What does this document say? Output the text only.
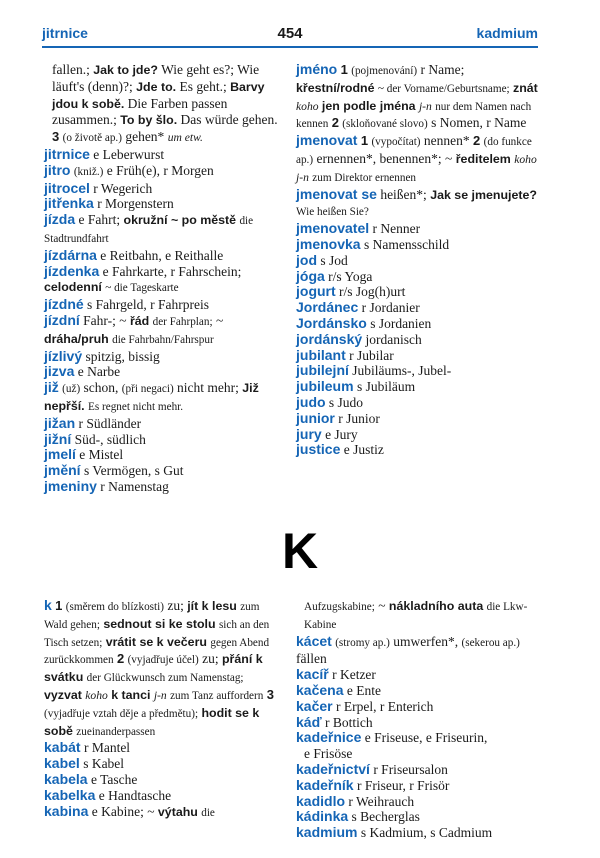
454
jitrnice	kadmium
fallen.; Jak to jde? Wie geht es?; Wie läuft's (denn)?; Jde to. Es geht.; Barvy jdou k sobě. Die Farben passen zusammen.; To by šlo. Das würde gehen. 3 (o životě ap.) gehen* um etw.
jitrnice e Leberwurst
jitro (kniž.) e Früh(e), r Morgen
jitrocel r Wegerich
jitřenka r Morgenstern
jízda e Fahrt; okružní ~ po městě die Stadtrundfahrt
jízdárna e Reitbahn, e Reithalle
jízdenka e Fahrkarte, r Fahrschein; celodenní ~ die Tageskarte
jízdné s Fahrgeld, r Fahrpreis
jízdní Fahr-; ~ řád der Fahrplan; ~ dráha/pruh die Fahrbahn/Fahrspur
jízlivý spitzig, bissig
jizva e Narbe
již (už) schon, (při negaci) nicht mehr; Již nepřší. Es regnet nicht mehr.
jižan r Südländer
jižní Süd-, südlich
jmelí e Mistel
jmění s Vermögen, s Gut
jmeniny r Namenstag
jméno 1 (pojmenování) r Name; křestní/rodné ~ der Vorname/Geburtsname; znát koho jen podle jména j-n nur dem Namen nach kennen 2 (skloňované slovo) s Nomen, r Name
jmenovat 1 (vypočítat) nennen* 2 (do funkce ap.) ernennen*, benennen*; ~ ředitelem koho j-n zum Direktor ernennen
jmenovat se heißen*; Jak se jmenujete? Wie heißen Sie?
jmenovatel r Nenner
jmenovka s Namensschild
jod s Jod
jóga r/s Yoga
jogurt r/s Jog(h)urt
Jordánec r Jordanier
Jordánsko s Jordanien
jordánský jordanisch
jubilant r Jubilar
jubilejní Jubiläums-, Jubel-
jubileum s Jubiläum
judo s Judo
junior r Junior
jury e Jury
justice e Justiz
K
k 1 (směrem do blízkosti) zu; jít k lesu zum Wald gehen; sednout si ke stolu sich an den Tisch setzen; vrátit se k večeru gegen Abend zurückkommen 2 (vyjadřuje účel) zu; přání k svátku der Glückwunsch zum Namenstag; vyzvat koho k tanci j-n zum Tanz auffordern 3 (vyjadřuje vztah děje a předmětu); hodit se k sobě zueinanderpassen
kabát r Mantel
kabel s Kabel
kabela e Tasche
kabelka e Handtasche
kabina e Kabine; ~ výtahu die
Aufzugskabine; ~ nákladního auta die Lkw-Kabine
kácet (stromy ap.) umwerfen*, (sekerou ap.) fällen
kacíř r Ketzer
kačena e Ente
kačer r Erpel, r Enterich
káď r Bottich
kadeřnice e Friseuse, e Friseurin,
e Frisöse
kadeřnictví r Friseursalon
kadeřník r Friseur, r Frisör
kadidlo r Weihrauch
kádinka s Becherglas
kadmium s Kadmium, s Cadmium
